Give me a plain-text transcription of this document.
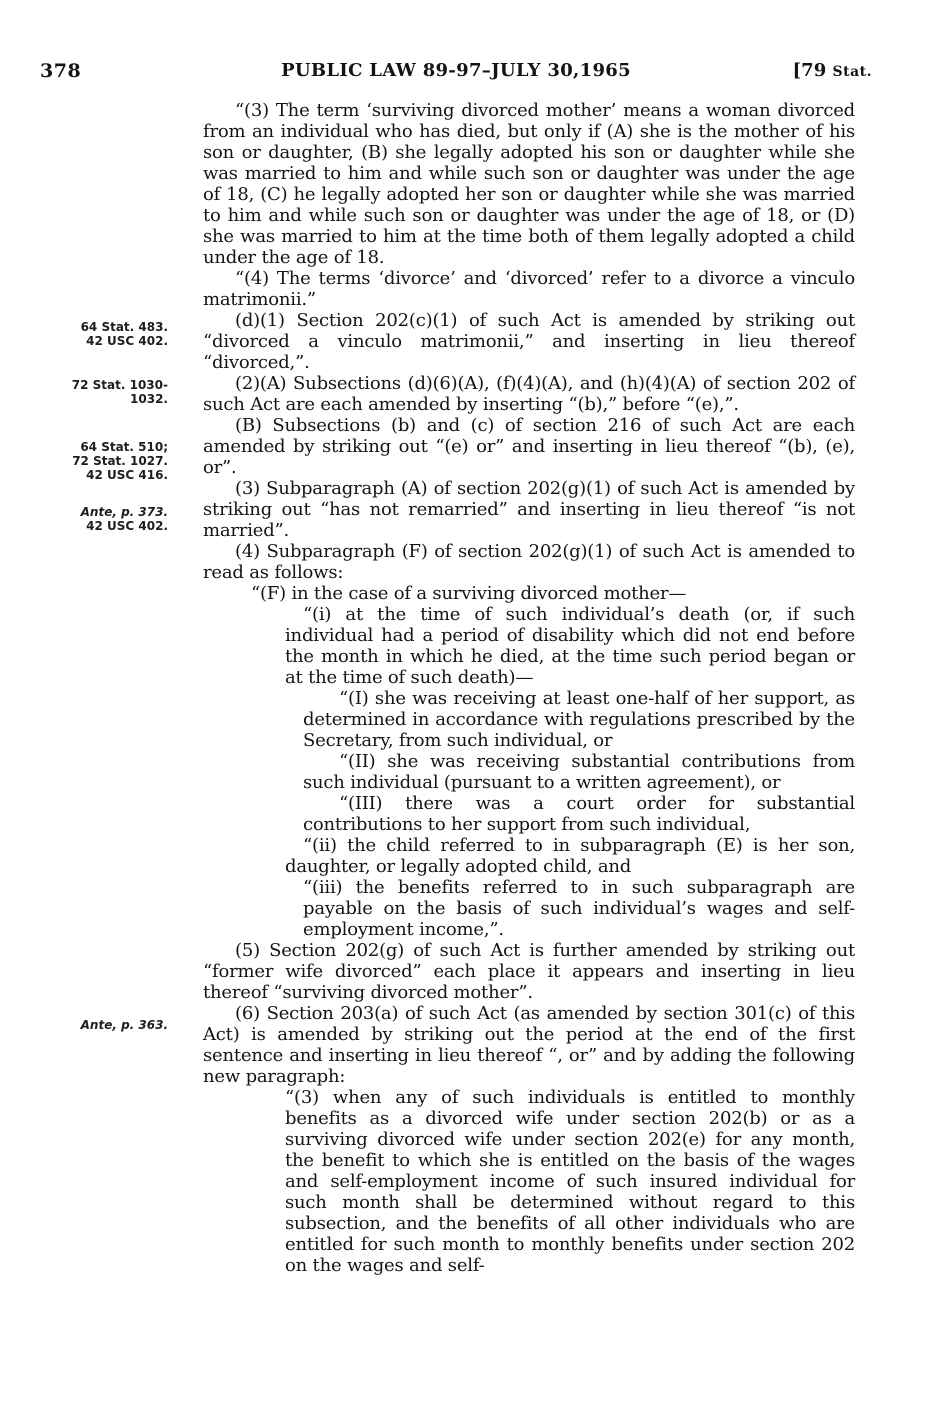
378	PUBLIC LAW 89-97–JULY 30,1965	[79 Stat.
64 Stat. 483.
42 USC 402.
72 Stat. 1030-
1032.
64 Stat. 510;
72 Stat. 1027.
42 USC 416.
Ante, p. 373.
42 USC 402.
Ante, p. 363.

“(3) The term ‘surviving divorced mother’ means a woman divorced from an individual who has died, but only if (A) she is the mother of his son or daughter, (B) she legally adopted his son or daughter while she was married to him and while such son or daughter was under the age of 18, (C) he legally adopted her son or daughter while she was married to him and while such son or daughter was under the age of 18, or (D) she was married to him at the time both of them legally adopted a child under the age of 18.

“(4) The terms ‘divorce’ and ‘divorced’ refer to a divorce a vinculo matrimonii.”

(d)(1) Section 202(c)(1) of such Act is amended by striking out “divorced a vinculo matrimonii,” and inserting in lieu thereof “divorced,”.

(2)(A) Subsections (d)(6)(A), (f)(4)(A), and (h)(4)(A) of section 202 of such Act are each amended by inserting “(b),” before “(e),”.

(B) Subsections (b) and (c) of section 216 of such Act are each amended by striking out “(e) or” and inserting in lieu thereof “(b), (e), or”.

(3) Subparagraph (A) of section 202(g)(1) of such Act is amended by striking out “has not remarried” and inserting in lieu thereof “is not married”.

(4) Subparagraph (F) of section 202(g)(1) of such Act is amended to read as follows:

“(F) in the case of a surviving divorced mother—

“(i) at the time of such individual’s death (or, if such individual had a period of disability which did not end before the month in which he died, at the time such period began or at the time of such death)—

“(I) she was receiving at least one-half of her support, as determined in accordance with regulations prescribed by the Secretary, from such individual, or

“(II) she was receiving substantial contributions from such individual (pursuant to a written agreement), or

“(III) there was a court order for substantial contributions to her support from such individual,

“(ii) the child referred to in subparagraph (E) is her son, daughter, or legally adopted child, and

“(iii) the benefits referred to in such subparagraph are payable on the basis of such individual’s wages and self-employment income,”.

(5) Section 202(g) of such Act is further amended by striking out “former wife divorced” each place it appears and inserting in lieu thereof “surviving divorced mother”.

(6) Section 203(a) of such Act (as amended by section 301(c) of this Act) is amended by striking out the period at the end of the first sentence and inserting in lieu thereof “, or” and by adding the following new paragraph:

“(3) when any of such individuals is entitled to monthly benefits as a divorced wife under section 202(b) or as a surviving divorced wife under section 202(e) for any month, the benefit to which she is entitled on the basis of the wages and self-employment income of such insured individual for such month shall be determined without regard to this subsection, and the benefits of all other individuals who are entitled for such month to monthly benefits under section 202 on the wages and self-
